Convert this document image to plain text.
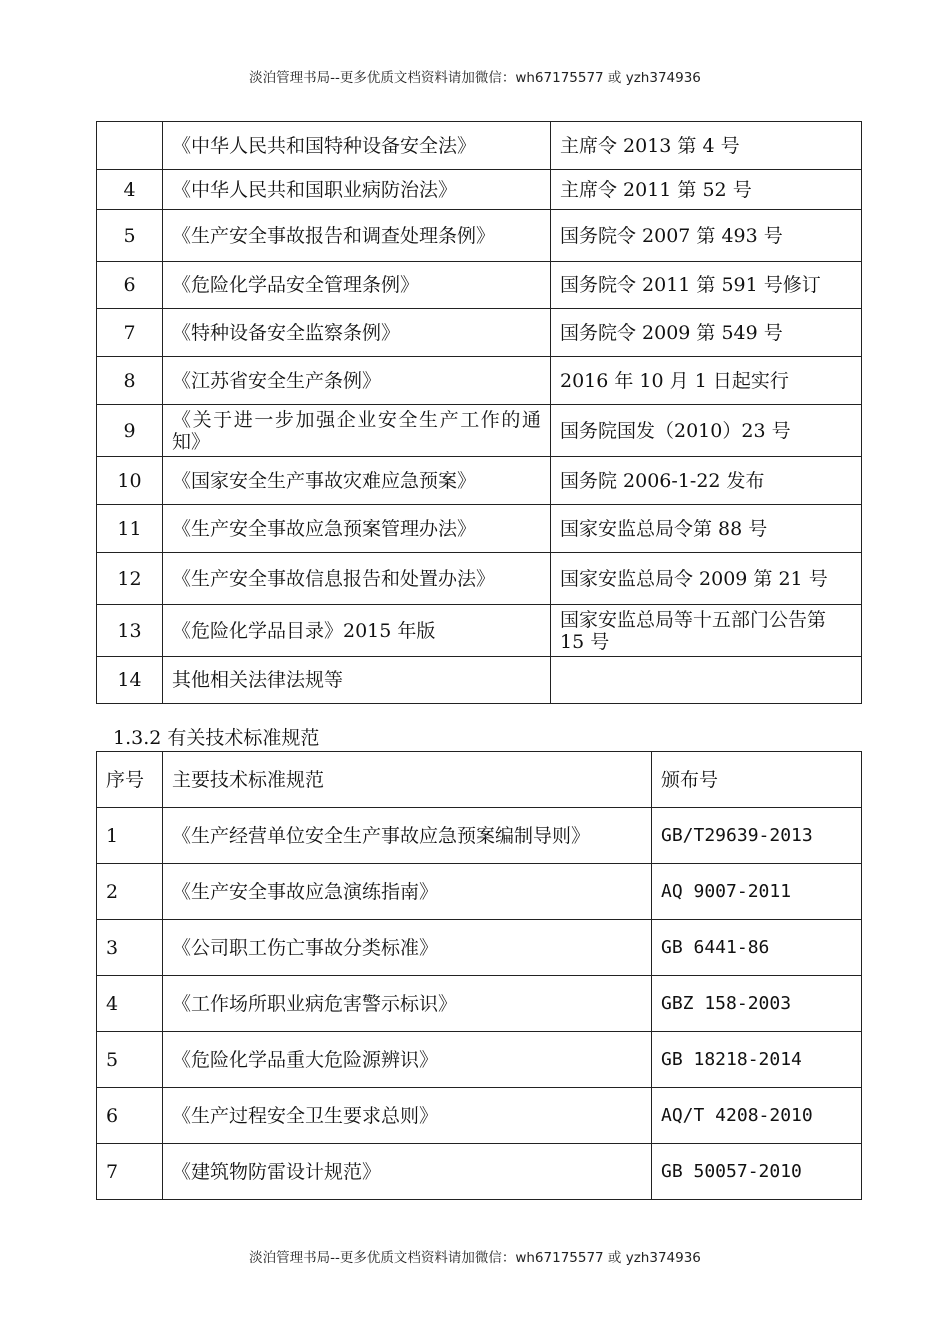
淡泊管理书局--更多优质文档资料请加微信：wh67175577 或 yzh374936
	《中华人民共和国特种设备安全法》	主席令 2013 第 4 号
4	《中华人民共和国职业病防治法》	主席令 2011 第 52 号
5	《生产安全事故报告和调查处理条例》	国务院令 2007 第 493 号
6	《危险化学品安全管理条例》	国务院令 2011 第 591 号修订
7	《特种设备安全监察条例》	国务院令 2009 第 549 号
8	《江苏省安全生产条例》	2016 年 10 月 1 日起实行
9	《关于进一步加强企业安全生产工作的通知》	国务院国发（2010）23 号
10	《国家安全生产事故灾难应急预案》	国务院 2006-1-22 发布
11	《生产安全事故应急预案管理办法》	国家安监总局令第 88 号
12	《生产安全事故信息报告和处置办法》	国家安监总局令 2009 第 21 号
13	《危险化学品目录》2015 年版	国家安监总局等十五部门公告第 15 号
14	其他相关法律法规等	
1.3.2 有关技术标准规范
序号	主要技术标准规范	颁布号
1	《生产经营单位安全生产事故应急预案编制导则》	GB/T29639-2013
2	《生产安全事故应急演练指南》	AQ 9007-2011
3	《公司职工伤亡事故分类标准》	GB 6441-86
4	《工作场所职业病危害警示标识》	GBZ 158-2003
5	《危险化学品重大危险源辨识》	GB 18218-2014
6	《生产过程安全卫生要求总则》	AQ/T 4208-2010
7	《建筑物防雷设计规范》	GB 50057-2010
淡泊管理书局--更多优质文档资料请加微信：wh67175577 或 yzh374936
